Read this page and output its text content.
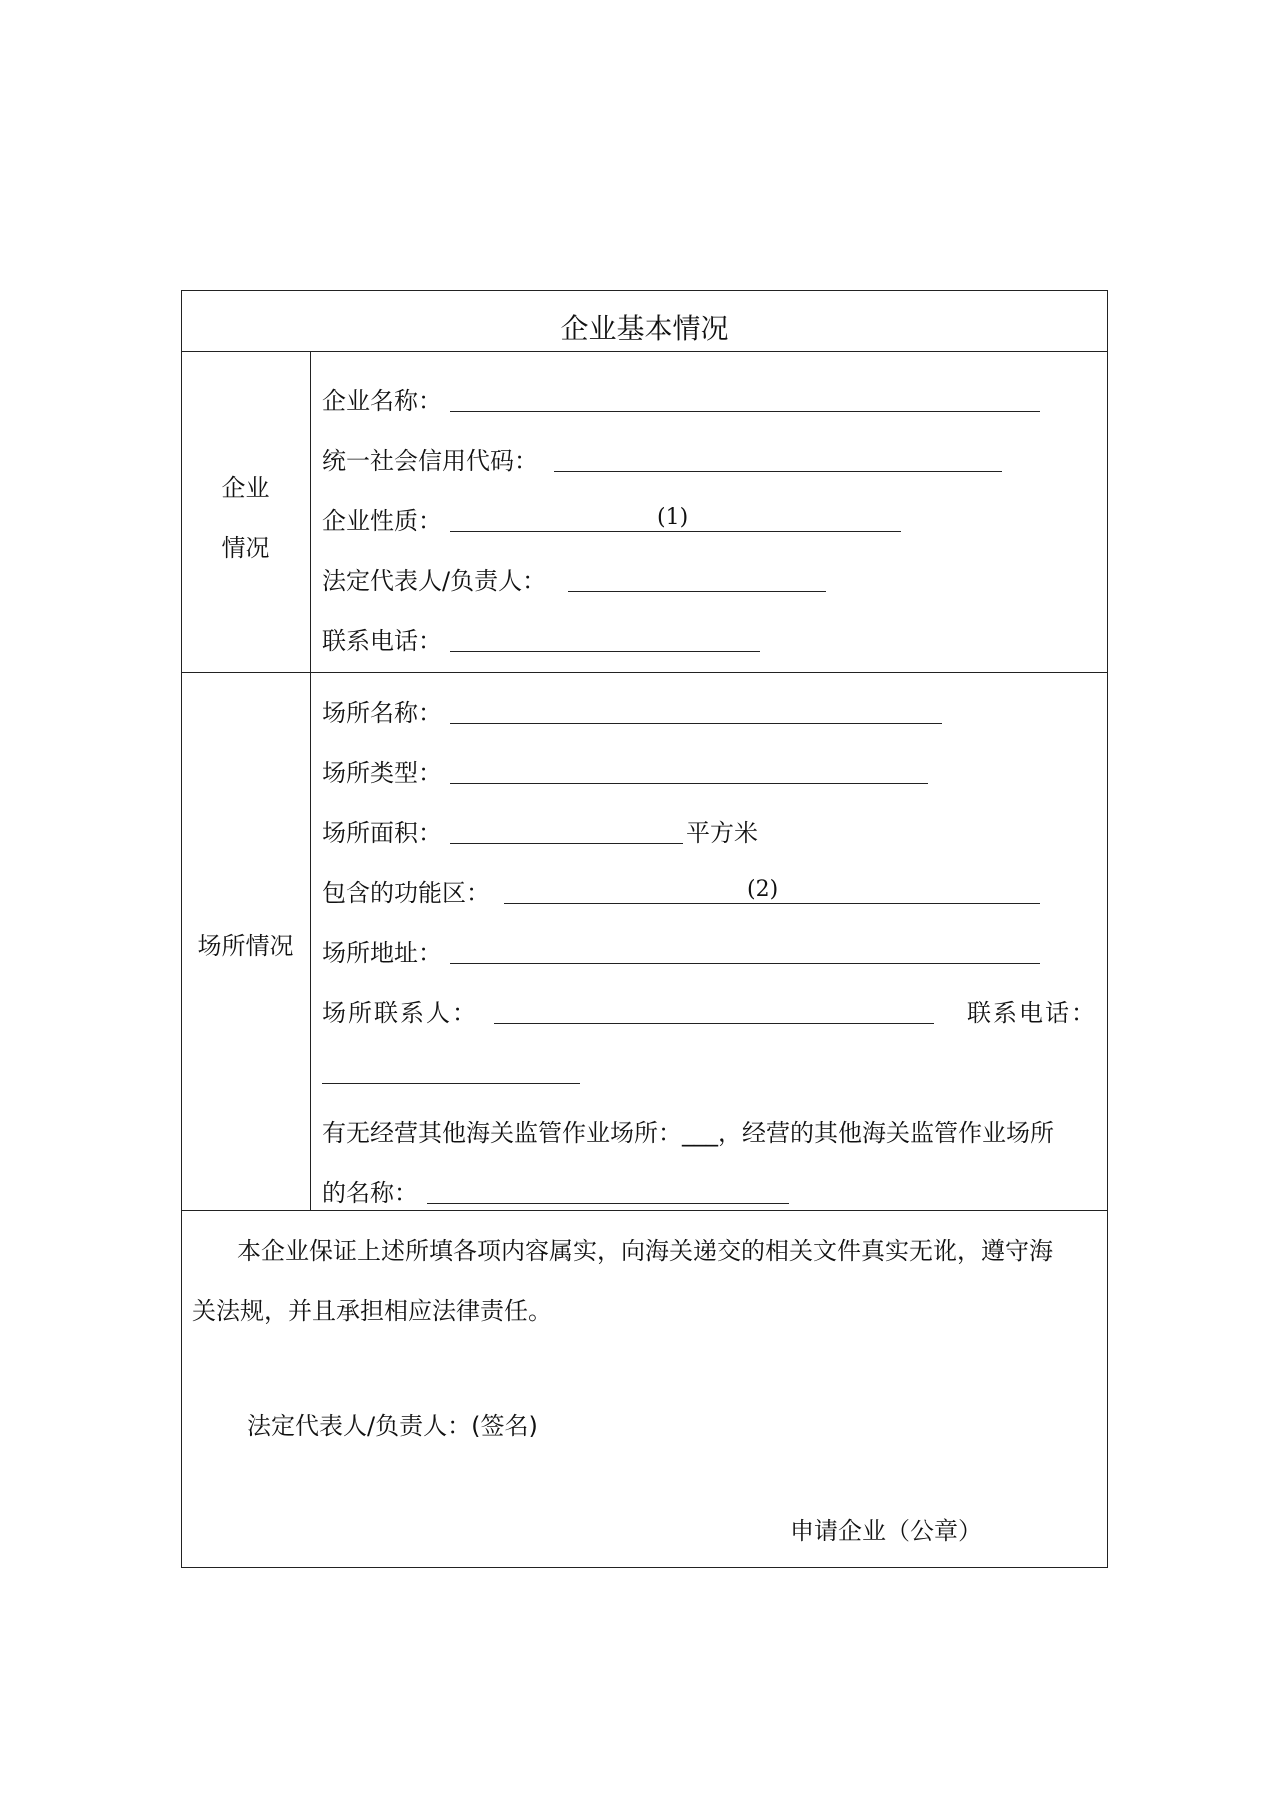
企业基本情况
企业
情况
企业名称：
统一社会信用代码：
企业性质：	(1)
法定代表人/负责人：
联系电话：
场所情况
场所名称：
场所类型：
场所面积：	平方米
包含的功能区：	(2)
场所地址：
场所联系人：	联系电话：
有无经营其他海关监管作业场所：___，经营的其他海关监管作业场所
的名称：
本企业保证上述所填各项内容属实，向海关递交的相关文件真实无讹，遵守海
关法规，并且承担相应法律责任。
法定代表人/负责人：(签名)
申请企业（公章）
